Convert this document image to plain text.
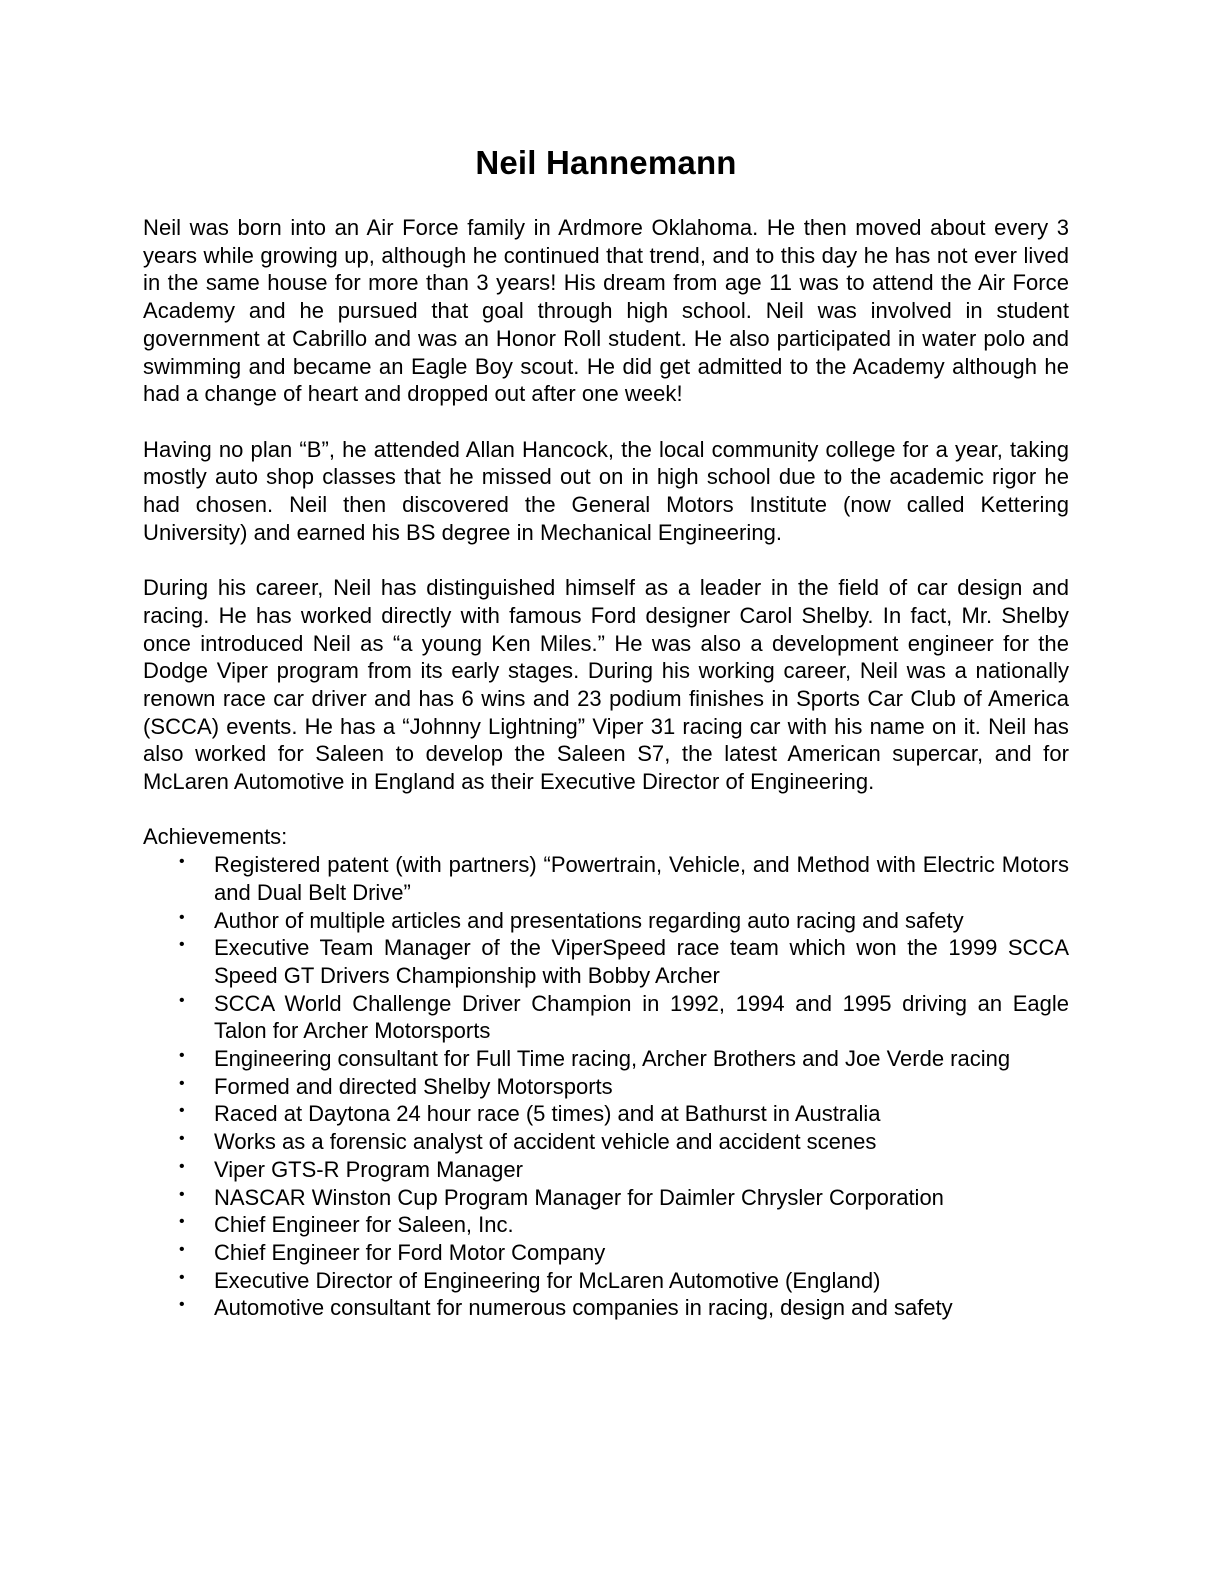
Neil Hannemann

Neil was born into an Air Force family in Ardmore Oklahoma. He then moved about every 3 years while growing up, although he continued that trend, and to this day he has not ever lived in the same house for more than 3 years! His dream from age 11 was to attend the Air Force Academy and he pursued that goal through high school. Neil was involved in student government at Cabrillo and was an Honor Roll student. He also participated in water polo and swimming and became an Eagle Boy scout. He did get admitted to the Academy although he had a change of heart and dropped out after one week!

Having no plan “B”, he attended Allan Hancock, the local community college for a year, taking mostly auto shop classes that he missed out on in high school due to the academic rigor he had chosen. Neil then discovered the General Motors Institute (now called Kettering University) and earned his BS degree in Mechanical Engineering.

During his career, Neil has distinguished himself as a leader in the field of car design and racing. He has worked directly with famous Ford designer Carol Shelby. In fact, Mr. Shelby once introduced Neil as “a young Ken Miles.” He was also a development engineer for the Dodge Viper program from its early stages. During his working career, Neil was a nationally renown race car driver and has 6 wins and 23 podium finishes in Sports Car Club of America (SCCA) events. He has a “Johnny Lightning” Viper 31 racing car with his name on it. Neil has also worked for Saleen to develop the Saleen S7, the latest American supercar, and for McLaren Automotive in England as their Executive Director of Engineering.

Achievements:

• Registered patent (with partners) “Powertrain, Vehicle, and Method with Electric Motors and Dual Belt Drive”
• Author of multiple articles and presentations regarding auto racing and safety
• Executive Team Manager of the ViperSpeed race team which won the 1999 SCCA Speed GT Drivers Championship with Bobby Archer
• SCCA World Challenge Driver Champion in 1992, 1994 and 1995 driving an Eagle Talon for Archer Motorsports
• Engineering consultant for Full Time racing, Archer Brothers and Joe Verde racing
• Formed and directed Shelby Motorsports
• Raced at Daytona 24 hour race (5 times) and at Bathurst in Australia
• Works as a forensic analyst of accident vehicle and accident scenes
• Viper GTS-R Program Manager
• NASCAR Winston Cup Program Manager for Daimler Chrysler Corporation
• Chief Engineer for Saleen, Inc.
• Chief Engineer for Ford Motor Company
• Executive Director of Engineering for McLaren Automotive (England)
• Automotive consultant for numerous companies in racing, design and safety
